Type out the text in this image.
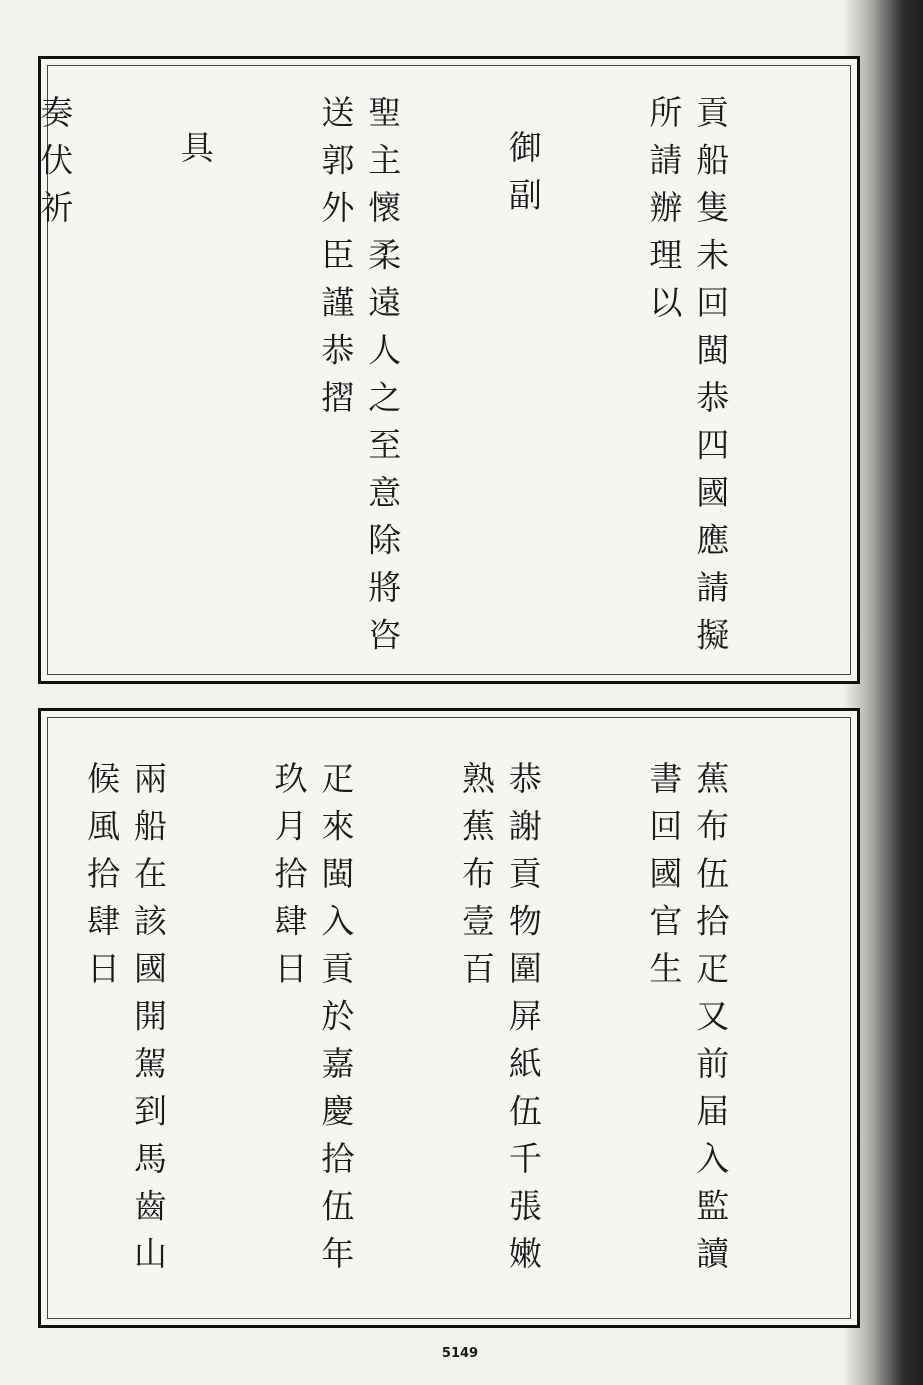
貢 船 隻 未 回 閩 恭 四 國 應 請 擬 所 請 辦 理 以

　御 副

聖 主 懷 柔 遠 人 之 至 意 除 將 咨 送 郭 外 臣 謹 恭 摺

　具

奏 伏 祈

蕉 布 伍 拾 疋 又 前 届 入 監 讀 書 回 國 官 生

恭 謝 貢 物 圍 屏 紙 伍 千 張 嫩 熟 蕉 布 壹 百

疋 來 閩 入 貢 於 嘉 慶 拾 伍 年 玖 月 拾 肆 日

兩 船 在 該 國 開 駕 到 馬 齒 山 候 風 拾 肆 日

5149
